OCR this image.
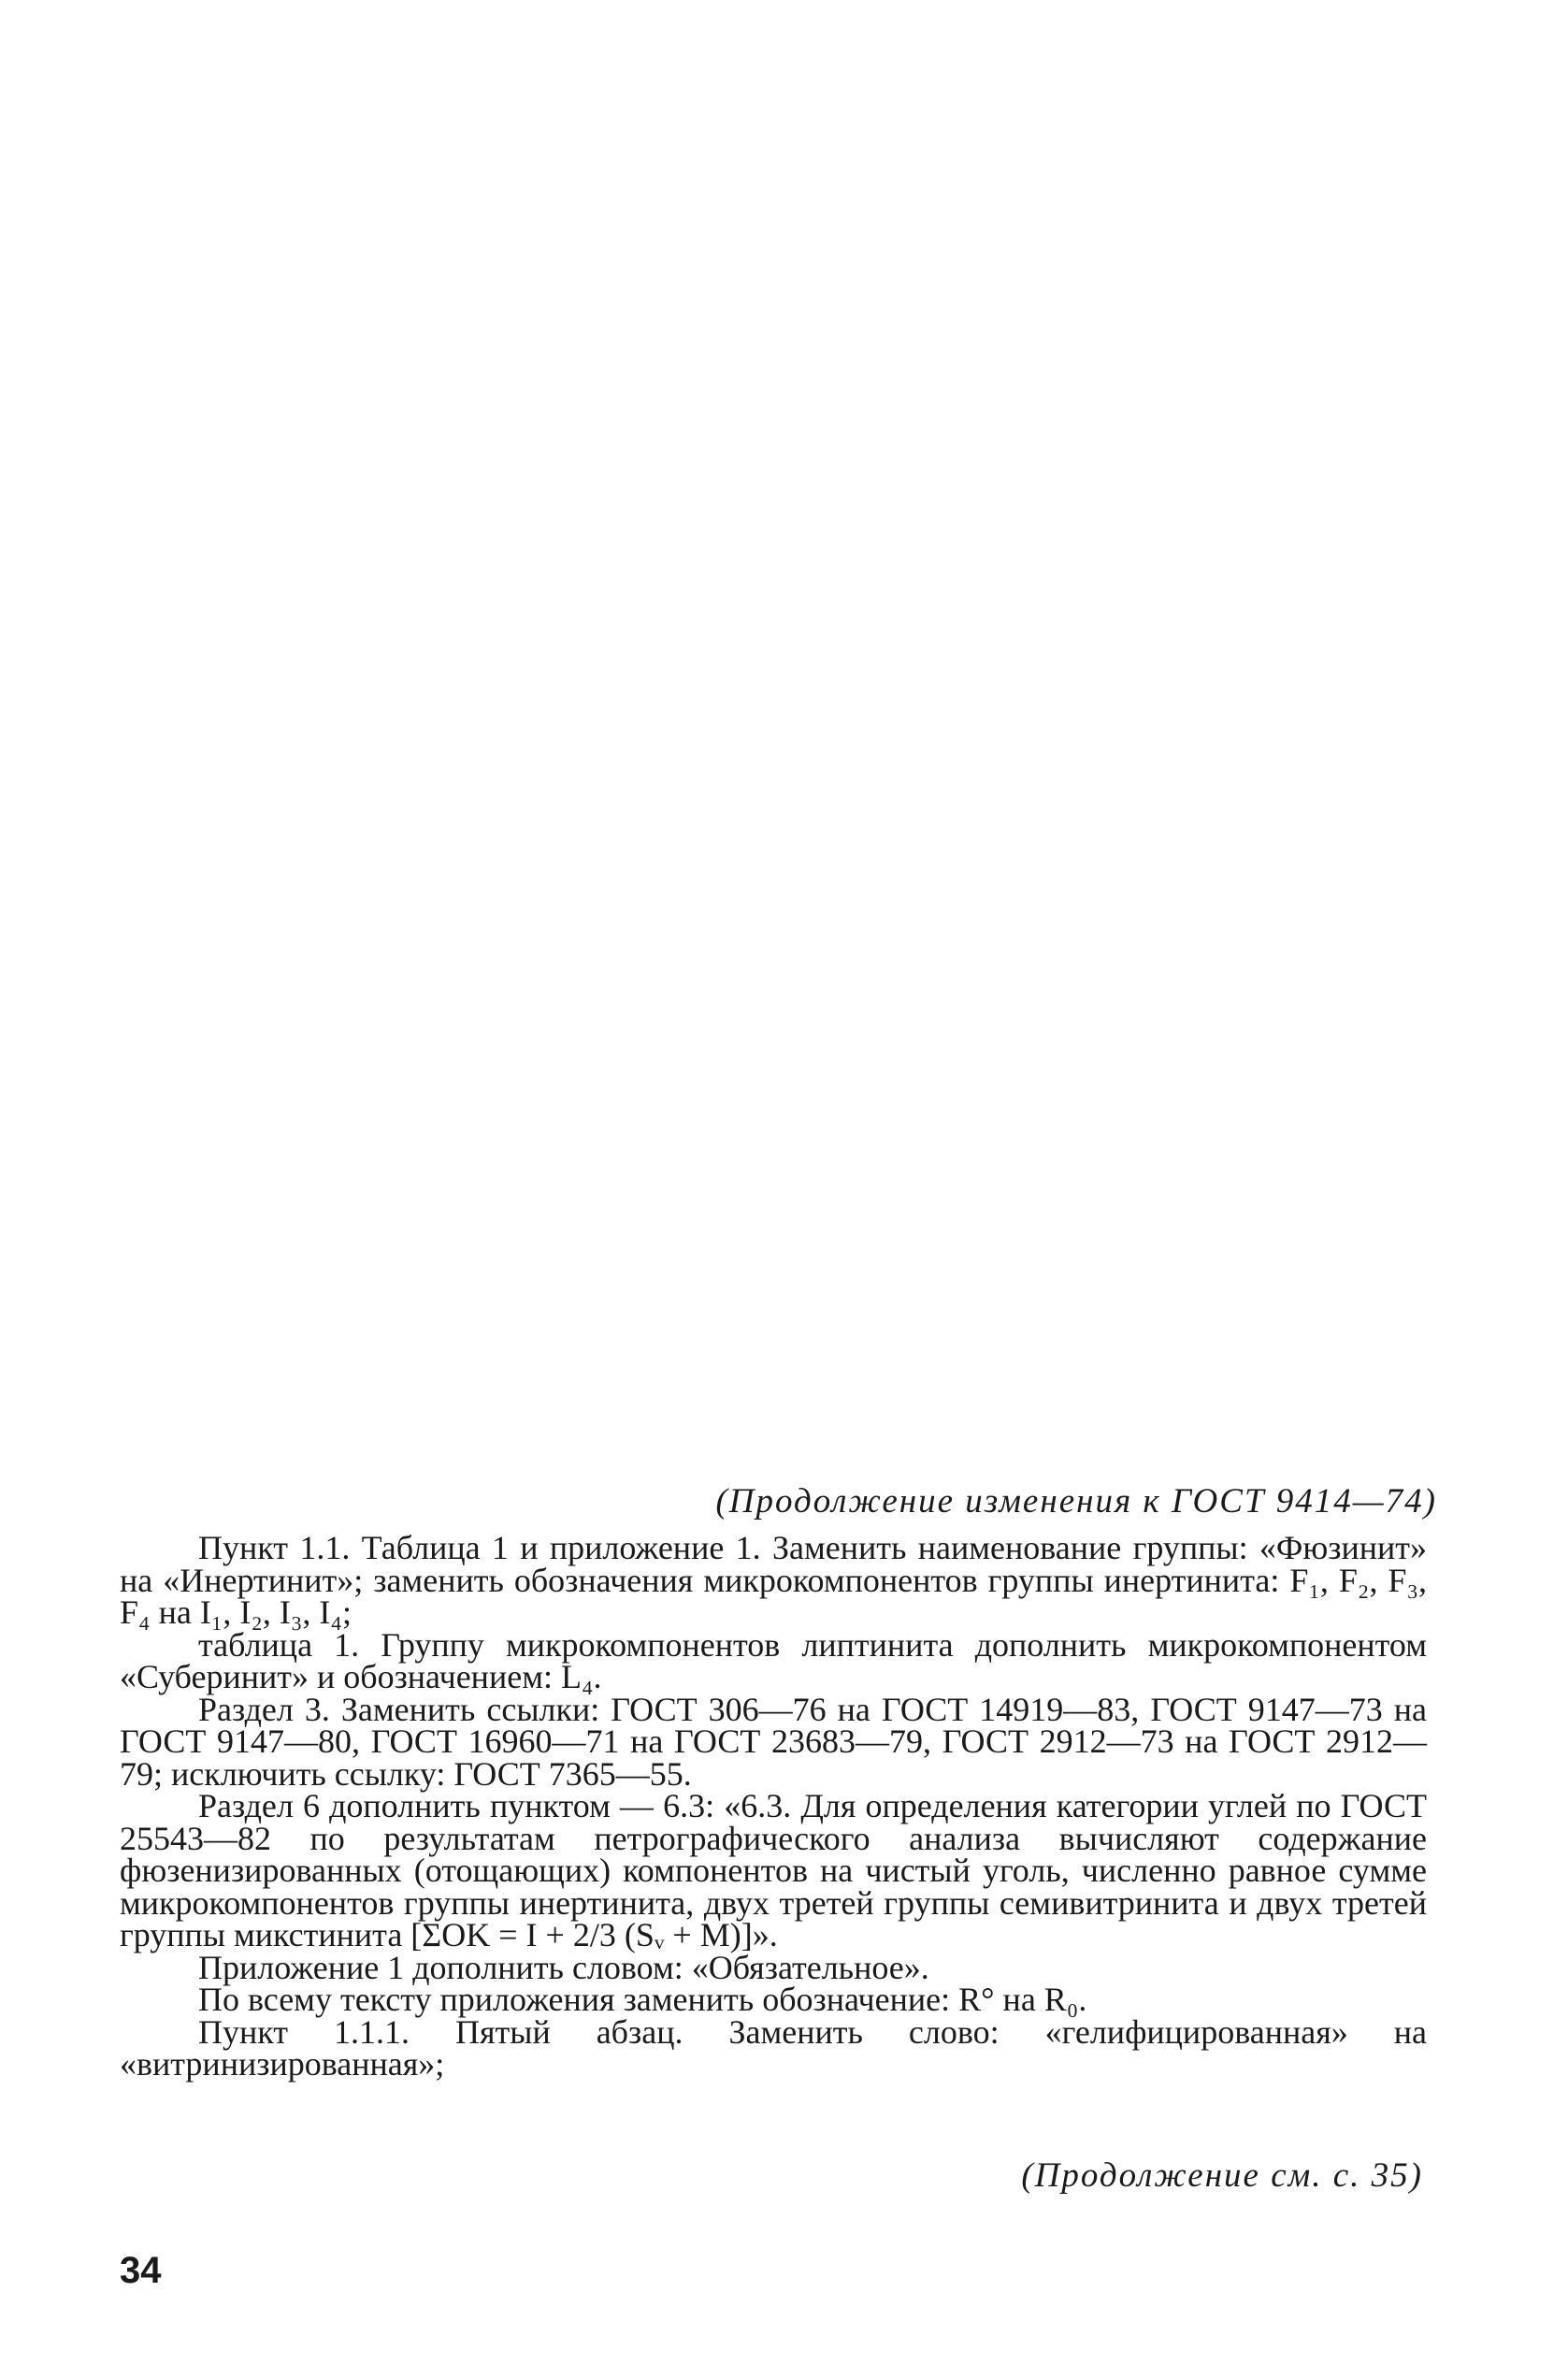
(Продолжение изменения к ГОСТ 9414—74)

Пункт 1.1. Таблица 1 и приложение 1. Заменить наименование группы: «Фюзинит» на «Инертинит»; заменить обозначения микрокомпонентов группы инертинита: F₁, F₂, F₃, F₄ на I₁, I₂, I₃, I₄;

таблица 1. Группу микрокомпонентов липтинита дополнить микрокомпонентом «Суберинит» и обозначением: L₄.

Раздел 3. Заменить ссылки: ГОСТ 306—76 на ГОСТ 14919—83, ГОСТ 9147—73 на ГОСТ 9147—80, ГОСТ 16960—71 на ГОСТ 23683—79, ГОСТ 2912—73 на ГОСТ 2912—79; исключить ссылку: ГОСТ 7365—55.

Раздел 6 дополнить пунктом — 6.3: «6.3. Для определения категории углей по ГОСТ 25543—82 по результатам петрографического анализа вычисляют содержание фюзенизированных (отощающих) компонентов на чистый уголь, численно равное сумме микрокомпонентов группы инертинита, двух третей группы семивитринита и двух третей группы микстинита [ΣOK = I + 2/3 (Sᵥ + M)]».

Приложение 1 дополнить словом: «Обязательное».

По всему тексту приложения заменить обозначение: R° на R₀.

Пункт 1.1.1. Пятый абзац. Заменить слово: «гелифицированная» на «витринизированная»;

(Продолжение см. с. 35)
34
